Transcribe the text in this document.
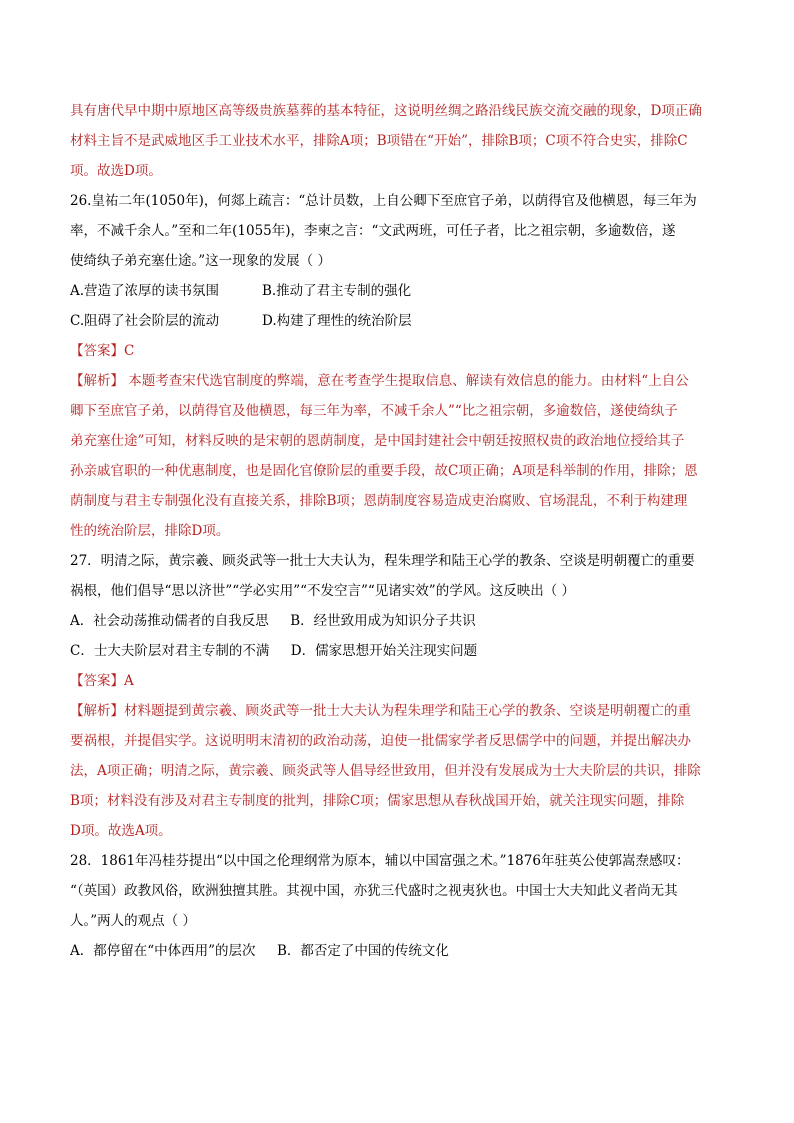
具有唐代早中期中原地区高等级贵族墓葬的基本特征，这说明丝绸之路沿线民族交流交融的现象，D项正确
材料主旨不是武威地区手工业技术水平，排除A项；B项错在“开始”，排除B项；C项不符合史实，排除C
项。故选D项。
26.皇祐二年(1050年)，何郯上疏言：“总计员数，上自公卿下至庶官子弟，以荫得官及他横恩，每三年为
率，不减千余人。”至和二年(1055年)，李柬之言：“文武两班，可任子者，比之祖宗朝，多逾数倍，遂
使绮纨子弟充塞仕途。”这一现象的发展（ ）
A.营造了浓厚的读书氛围          B.推动了君主专制的强化
C.阻碍了社会阶层的流动          D.构建了理性的统治阶层
【答案】C
【解析】 本题考查宋代选官制度的弊端，意在考查学生提取信息、解读有效信息的能力。由材料“上自公
卿下至庶官子弟，以荫得官及他横恩，每三年为率，不减千余人”“比之祖宗朝，多逾数倍，遂使绮纨子
弟充塞仕途”可知，材料反映的是宋朝的恩荫制度，是中国封建社会中朝廷按照权贵的政治地位授给其子
孙亲戚官职的一种优惠制度，也是固化官僚阶层的重要手段，故C项正确；A项是科举制的作用，排除；恩
荫制度与君主专制强化没有直接关系，排除B项；恩荫制度容易造成吏治腐败、官场混乱，不利于构建理
性的统治阶层，排除D项。
27．明清之际，黄宗羲、顾炎武等一批士大夫认为，程朱理学和陆王心学的教条、空谈是明朝覆亡的重要
祸根，他们倡导“思以济世”“学必实用”“不发空言”“见诸实效”的学风。这反映出（ ）
A．社会动荡推动儒者的自我反思     B．经世致用成为知识分子共识
C．士大夫阶层对君主专制的不满     D．儒家思想开始关注现实问题
【答案】A
【解析】材料题提到黄宗羲、顾炎武等一批士大夫认为程朱理学和陆王心学的教条、空谈是明朝覆亡的重
要祸根，并提倡实学。这说明明末清初的政治动荡，迫使一批儒家学者反思儒学中的问题，并提出解决办
法，A项正确；明清之际，黄宗羲、顾炎武等人倡导经世致用，但并没有发展成为士大夫阶层的共识，排除
B项；材料没有涉及对君主专制度的批判，排除C项；儒家思想从春秋战国开始，就关注现实问题，排除
D项。故选A项。
28．1861年冯桂芬提出“以中国之伦理纲常为原本，辅以中国富强之术。”1876年驻英公使郭嵩焘感叹：
“（英国）政教风俗，欧洲独擅其胜。其视中国，亦犹三代盛时之视夷狄也。中国士大夫知此义者尚无其
人。”两人的观点（ ）
A．都停留在“中体西用”的层次     B．都否定了中国的传统文化
